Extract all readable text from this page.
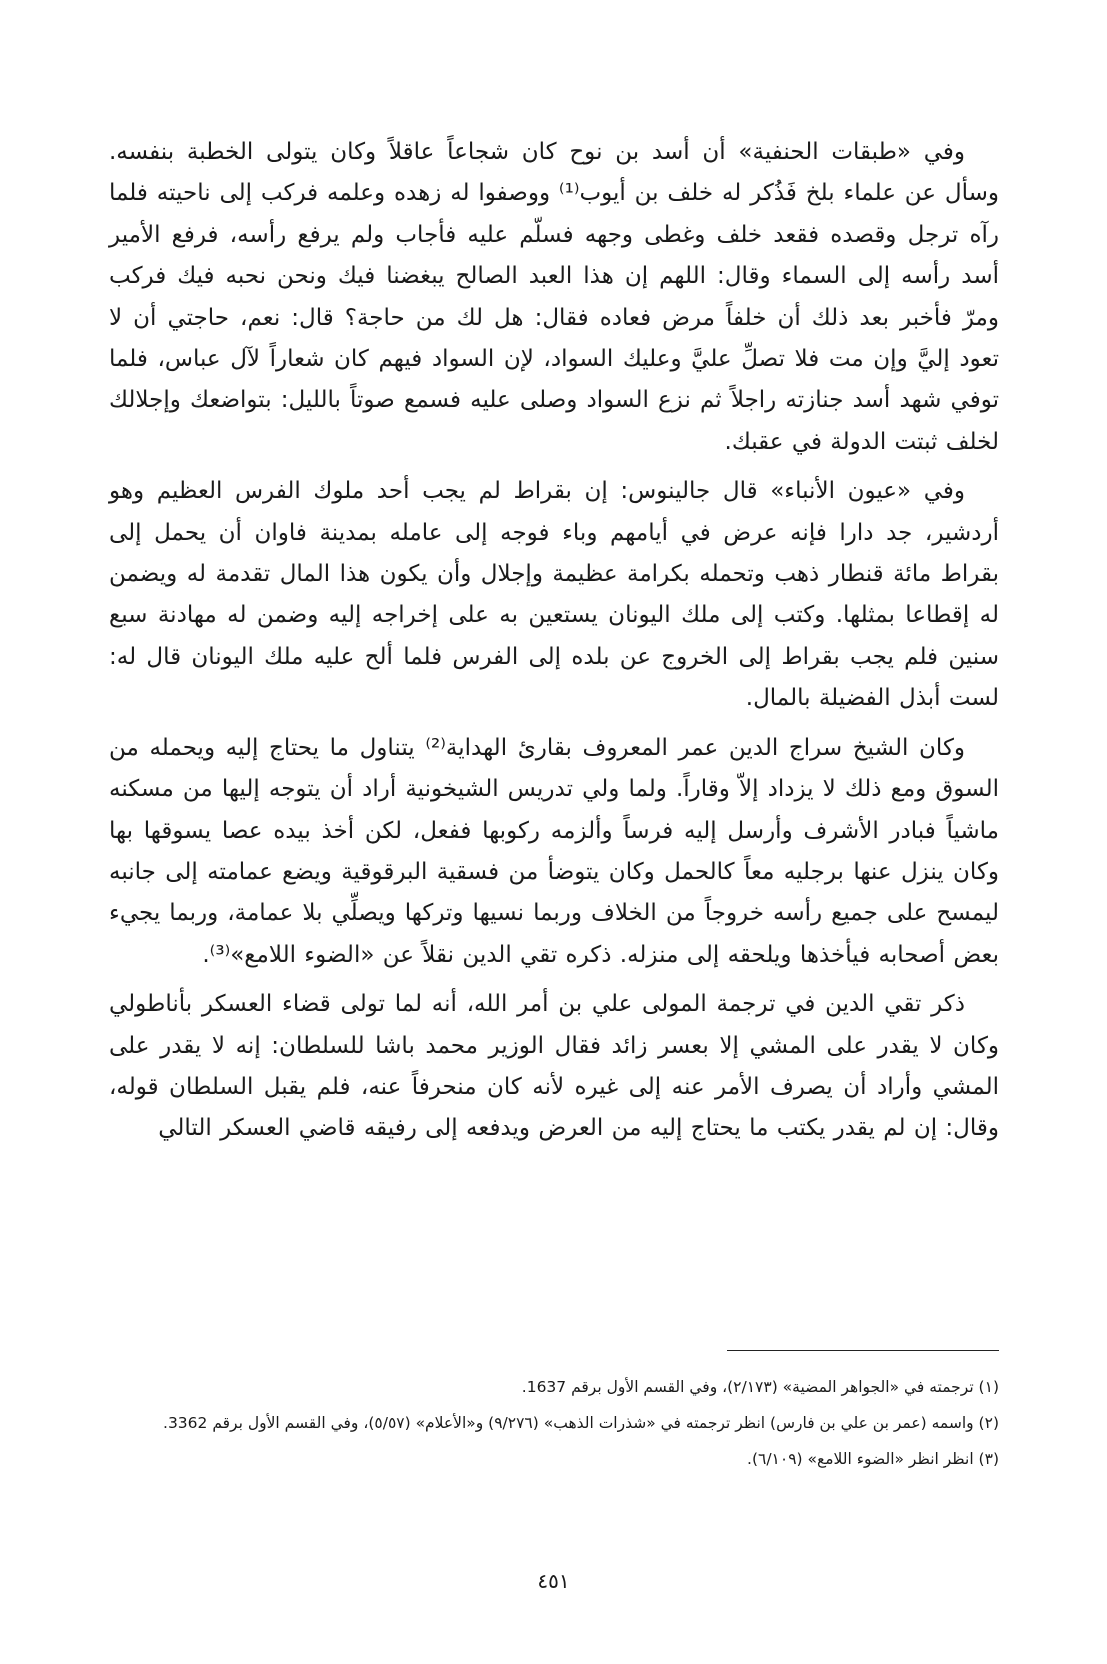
وفي «طبقات الحنفية» أن أسد بن نوح كان شجاعاً عاقلاً وكان يتولى الخطبة بنفسه. وسأل عن علماء بلخ فَذُكر له خلف بن أيوب⁽¹⁾ ووصفوا له زهده وعلمه فركب إلى ناحيته فلما رآه ترجل وقصده فقعد خلف وغطى وجهه فسلّم عليه فأجاب ولم يرفع رأسه، فرفع الأمير أسد رأسه إلى السماء وقال: اللهم إن هذا العبد الصالح يبغضنا فيك ونحن نحبه فيك فركب ومرّ فأخبر بعد ذلك أن خلفاً مرض فعاده فقال: هل لك من حاجة؟ قال: نعم، حاجتي أن لا تعود إليَّ وإن مت فلا تصلِّ عليَّ وعليك السواد، لإن السواد فيهم كان شعاراً لآل عباس، فلما توفي شهد أسد جنازته راجلاً ثم نزع السواد وصلى عليه فسمع صوتاً بالليل: بتواضعك وإجلالك لخلف ثبتت الدولة في عقبك.

وفي «عيون الأنباء» قال جالينوس: إن بقراط لم يجب أحد ملوك الفرس العظيم وهو أردشير، جد دارا فإنه عرض في أيامهم وباء فوجه إلى عامله بمدينة فاوان أن يحمل إلى بقراط مائة قنطار ذهب وتحمله بكرامة عظيمة وإجلال وأن يكون هذا المال تقدمة له ويضمن له إقطاعا بمثلها. وكتب إلى ملك اليونان يستعين به على إخراجه إليه وضمن له مهادنة سبع سنين فلم يجب بقراط إلى الخروج عن بلده إلى الفرس فلما ألح عليه ملك اليونان قال له: لست أبذل الفضيلة بالمال.

وكان الشيخ سراج الدين عمر المعروف بقارئ الهداية⁽²⁾ يتناول ما يحتاج إليه ويحمله من السوق ومع ذلك لا يزداد إلاّ وقاراً. ولما ولي تدريس الشيخونية أراد أن يتوجه إليها من مسكنه ماشياً فبادر الأشرف وأرسل إليه فرساً وألزمه ركوبها ففعل، لكن أخذ بيده عصا يسوقها بها وكان ينزل عنها برجليه معاً كالحمل وكان يتوضأ من فسقية البرقوقية ويضع عمامته إلى جانبه ليمسح على جميع رأسه خروجاً من الخلاف وربما نسيها وتركها ويصلِّي بلا عمامة، وربما يجيء بعض أصحابه فيأخذها ويلحقه إلى منزله. ذكره تقي الدين نقلاً عن «الضوء اللامع»⁽³⁾.

ذكر تقي الدين في ترجمة المولى علي بن أمر الله، أنه لما تولى قضاء العسكر بأناطولي وكان لا يقدر على المشي إلا بعسر زائد فقال الوزير محمد باشا للسلطان: إنه لا يقدر على المشي وأراد أن يصرف الأمر عنه إلى غيره لأنه كان منحرفاً عنه، فلم يقبل السلطان قوله، وقال: إن لم يقدر يكتب ما يحتاج إليه من العرض ويدفعه إلى رفيقه قاضي العسكر التالي

(١) ترجمته في «الجواهر المضية» (٢/١٧٣)، وفي القسم الأول برقم 1637.
(٢) واسمه (عمر بن علي بن فارس) انظر ترجمته في «شذرات الذهب» (٩/٢٧٦) و«الأعلام» (٥/٥٧)، وفي القسم الأول برقم 3362.
(٣) انظر انظر «الضوء اللامع» (٦/١٠٩).
٤٥١
